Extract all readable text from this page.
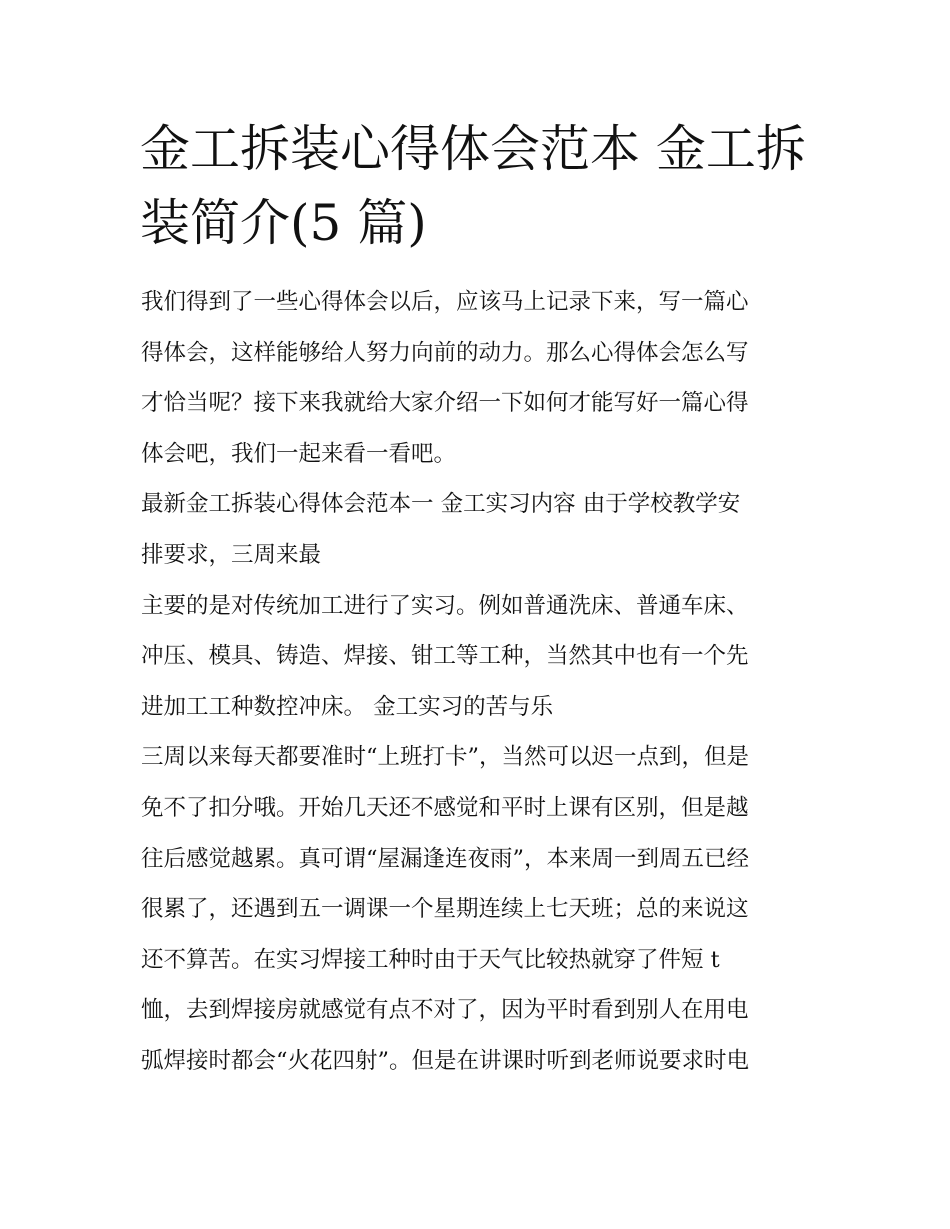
金工拆装心得体会范本 金工拆
装简介(5 篇)
我们得到了一些心得体会以后，应该马上记录下来，写一篇心
得体会，这样能够给人努力向前的动力。那么心得体会怎么写
才恰当呢？接下来我就给大家介绍一下如何才能写好一篇心得
体会吧，我们一起来看一看吧。
最新金工拆装心得体会范本一 金工实习内容 由于学校教学安
排要求，三周来最
主要的是对传统加工进行了实习。例如普通洗床、普通车床、
冲压、模具、铸造、焊接、钳工等工种，当然其中也有一个先
进加工工种数控冲床。 金工实习的苦与乐
三周以来每天都要准时“上班打卡”，当然可以迟一点到，但是
免不了扣分哦。开始几天还不感觉和平时上课有区别，但是越
往后感觉越累。真可谓“屋漏逢连夜雨”，本来周一到周五已经
很累了，还遇到五一调课一个星期连续上七天班；总的来说这
还不算苦。在实习焊接工种时由于天气比较热就穿了件短 t
恤，去到焊接房就感觉有点不对了，因为平时看到别人在用电
弧焊接时都会“火花四射”。但是在讲课时听到老师说要求时电
